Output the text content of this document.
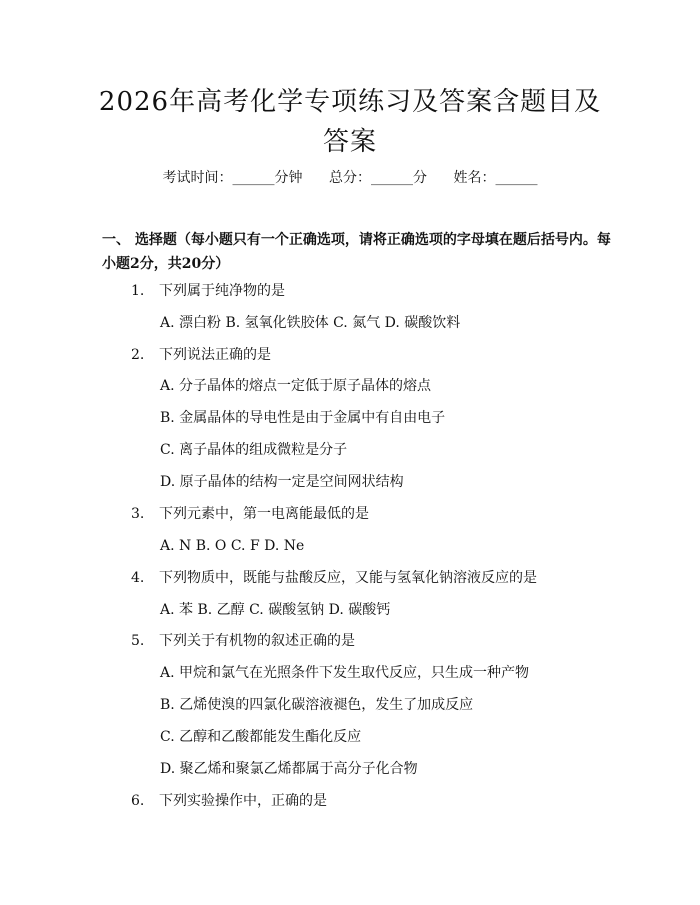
2026年高考化学专项练习及答案含题目及答案
考试时间：______分钟 总分：______分 姓名：______
一、 选择题（每小题只有一个正确选项，请将正确选项的字母填在题后括号内。每小题2分，共20分）
1. 下列属于纯净物的是
A. 漂白粉 B. 氢氧化铁胶体 C. 氮气 D. 碳酸饮料
2. 下列说法正确的是
A. 分子晶体的熔点一定低于原子晶体的熔点
B. 金属晶体的导电性是由于金属中有自由电子
C. 离子晶体的组成微粒是分子
D. 原子晶体的结构一定是空间网状结构
3. 下列元素中，第一电离能最低的是
A. N B. O C. F D. Ne
4. 下列物质中，既能与盐酸反应，又能与氢氧化钠溶液反应的是
A. 苯 B. 乙醇 C. 碳酸氢钠 D. 碳酸钙
5. 下列关于有机物的叙述正确的是
A. 甲烷和氯气在光照条件下发生取代反应，只生成一种产物
B. 乙烯使溴的四氯化碳溶液褪色，发生了加成反应
C. 乙醇和乙酸都能发生酯化反应
D. 聚乙烯和聚氯乙烯都属于高分子化合物
6. 下列实验操作中，正确的是
